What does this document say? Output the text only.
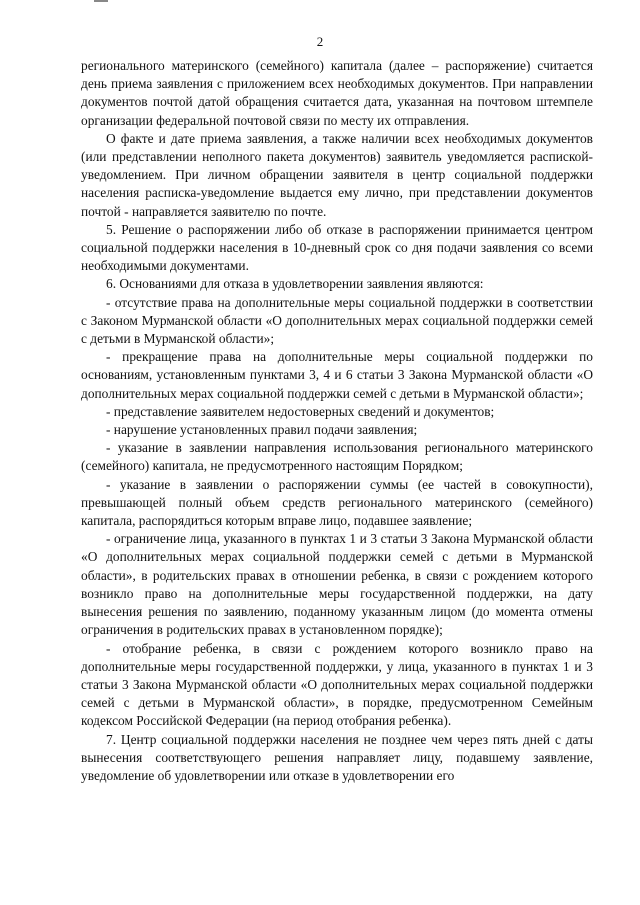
2

регионального материнского (семейного) капитала (далее – распоряжение) считается день приема заявления с приложением всех необходимых документов. При направлении документов почтой датой обращения считается дата, указанная на почтовом штемпеле организации федеральной почтовой связи по месту их отправления.

О факте и дате приема заявления, а также наличии всех необходимых документов (или представлении неполного пакета документов) заявитель уведомляется распиской-уведомлением. При личном обращении заявителя в центр социальной поддержки населения расписка-уведомление выдается ему лично, при представлении документов почтой - направляется заявителю по почте.

5. Решение о распоряжении либо об отказе в распоряжении принимается центром социальной поддержки населения в 10-дневный срок со дня подачи заявления со всеми необходимыми документами.

6. Основаниями для отказа в удовлетворении заявления являются:

- отсутствие права на дополнительные меры социальной поддержки в соответствии с Законом Мурманской области «О дополнительных мерах социальной поддержки семей с детьми в Мурманской области»;

- прекращение права на дополнительные меры социальной поддержки по основаниям, установленным пунктами 3, 4 и 6 статьи 3 Закона Мурманской области «О дополнительных мерах социальной поддержки семей с детьми в Мурманской области»;

- представление заявителем недостоверных сведений и документов;

- нарушение установленных правил подачи заявления;

- указание в заявлении направления использования регионального материнского (семейного) капитала, не предусмотренного настоящим Порядком;

- указание в заявлении о распоряжении суммы (ее частей в совокупности), превышающей полный объем средств регионального материнского (семейного) капитала, распорядиться которым вправе лицо, подавшее заявление;

- ограничение лица, указанного в пунктах 1 и 3 статьи 3 Закона Мурманской области «О дополнительных мерах социальной поддержки семей с детьми в Мурманской области», в родительских правах в отношении ребенка, в связи с рождением которого возникло право на дополнительные меры государственной поддержки, на дату вынесения решения по заявлению, поданному указанным лицом (до момента отмены ограничения в родительских правах в установленном порядке);

- отобрание ребенка, в связи с рождением которого возникло право на дополнительные меры государственной поддержки, у лица, указанного в пунктах 1 и 3 статьи 3 Закона Мурманской области «О дополнительных мерах социальной поддержки семей с детьми в Мурманской области», в порядке, предусмотренном Семейным кодексом Российской Федерации (на период отобрания ребенка).

7. Центр социальной поддержки населения не позднее чем через пять дней с даты вынесения соответствующего решения направляет лицу, подавшему заявление, уведомление об удовлетворении или отказе в удовлетворении его
